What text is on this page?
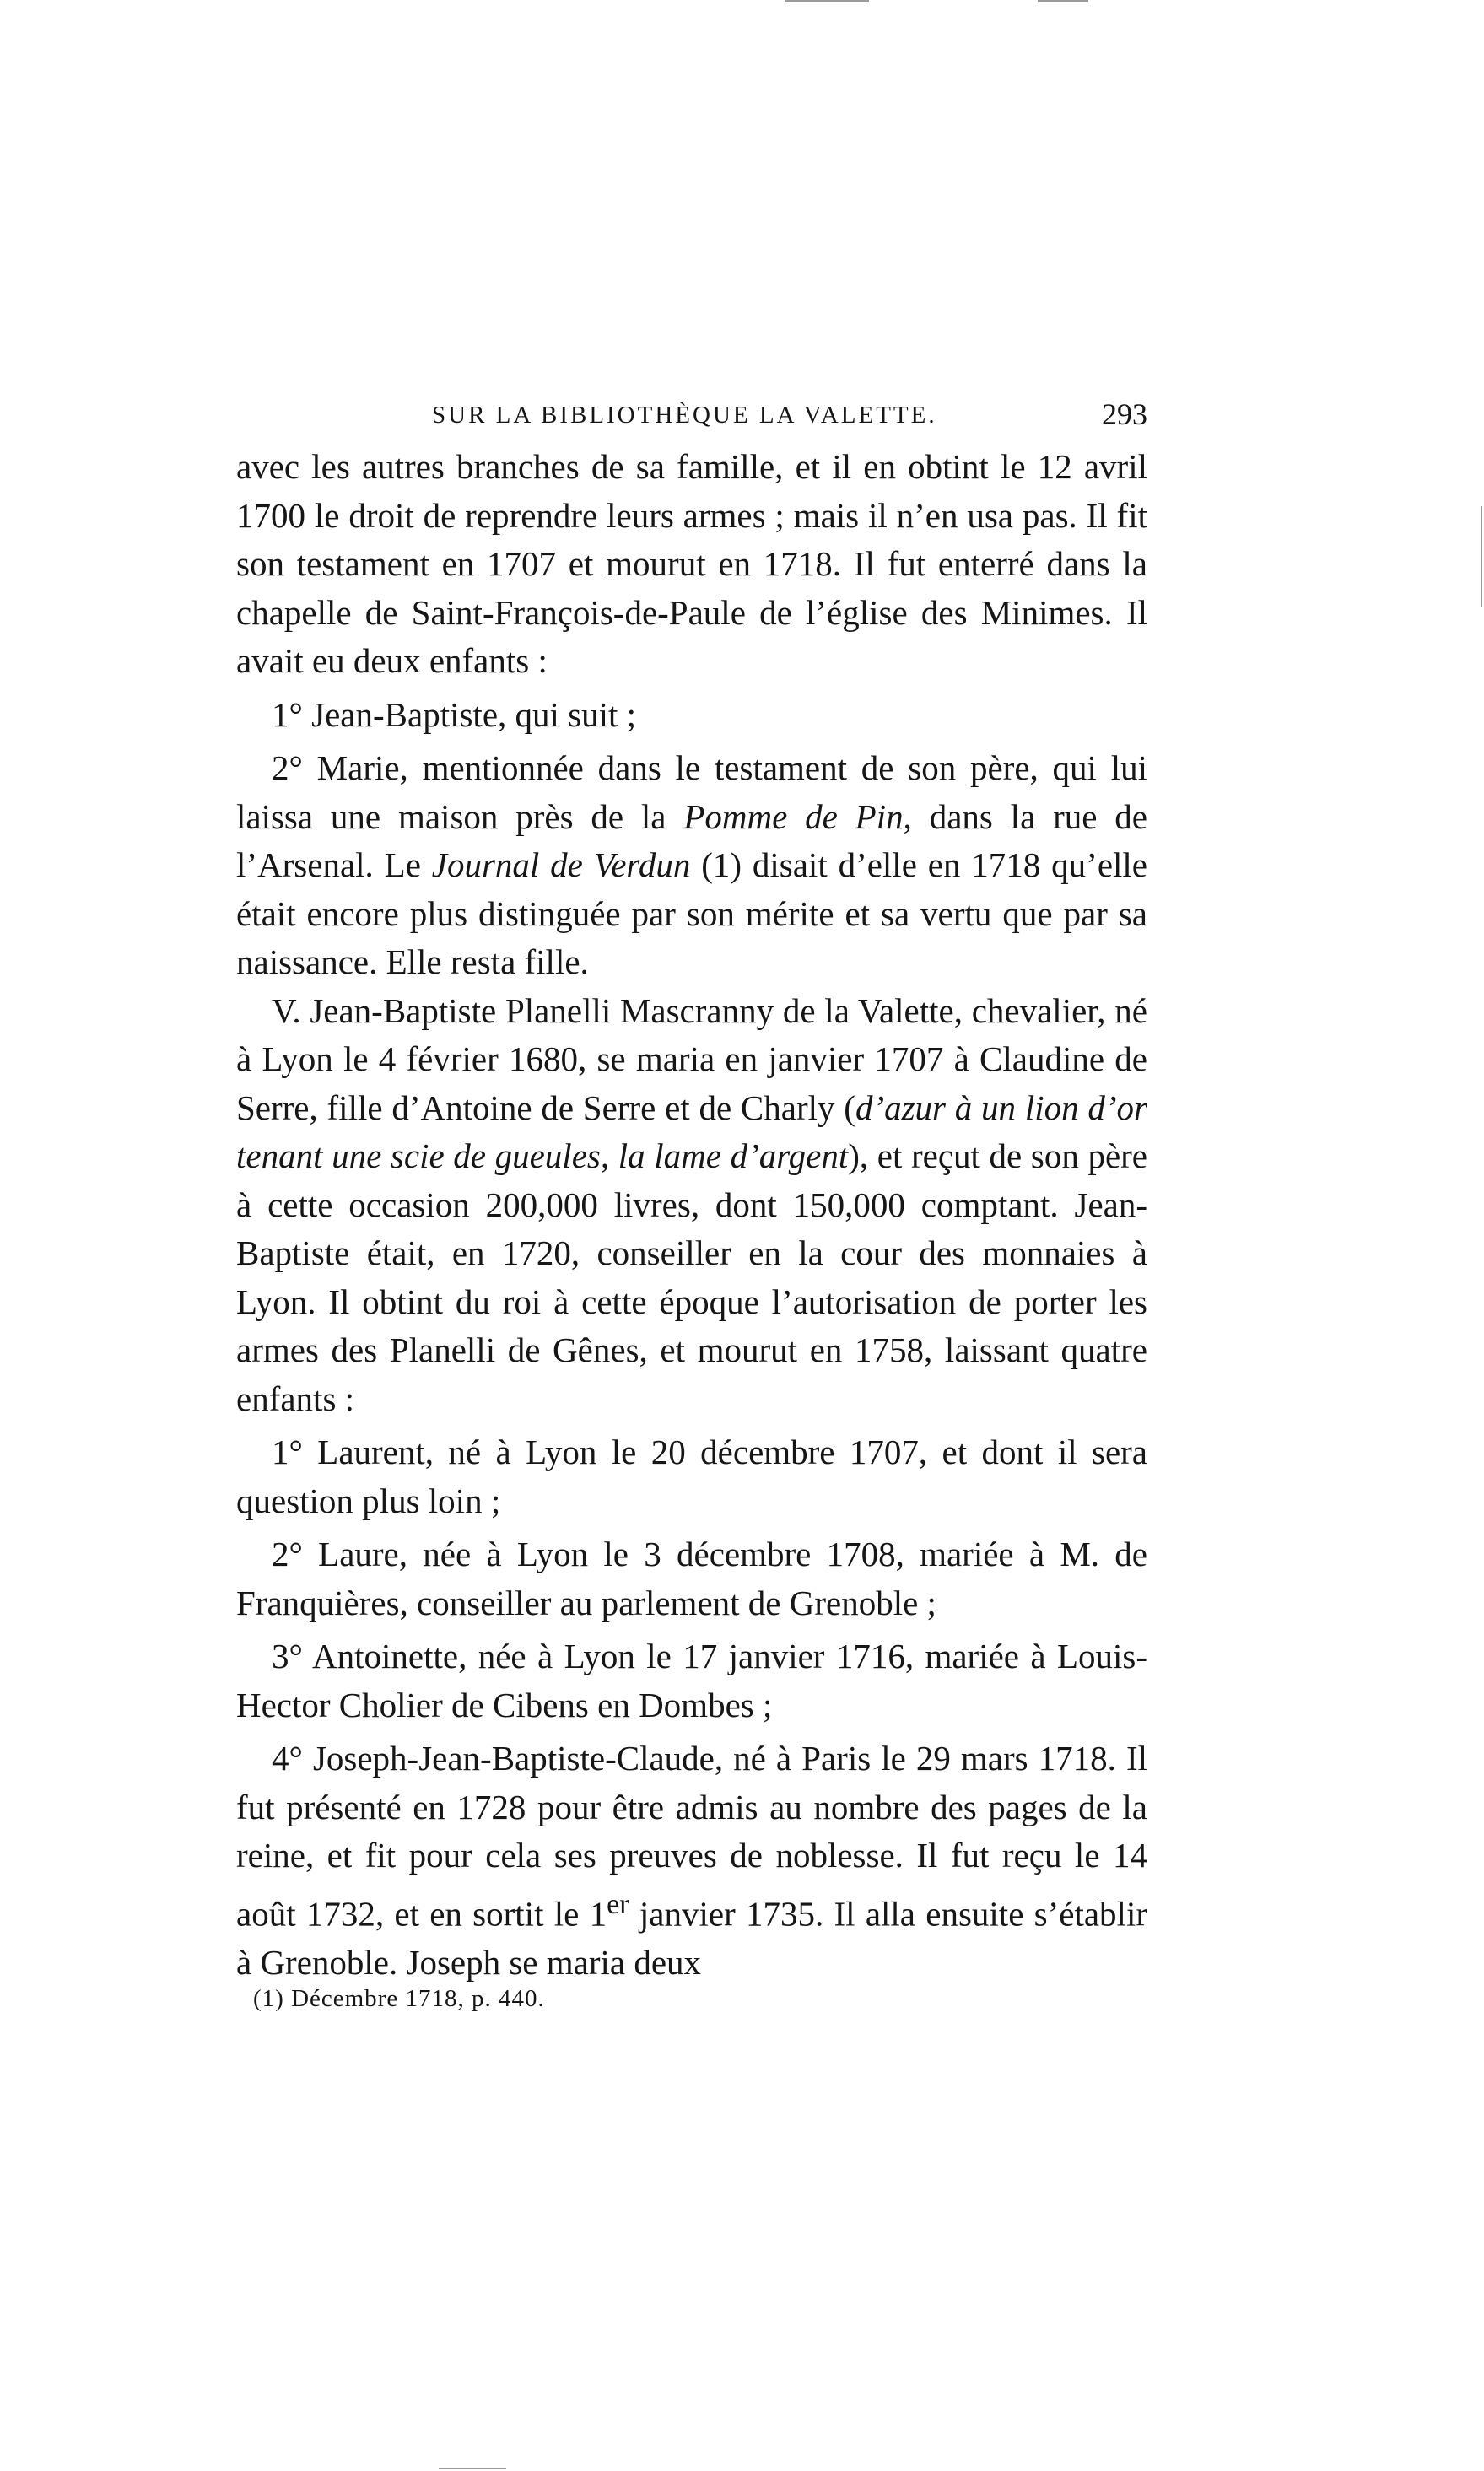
SUR LA BIBLIOTHÈQUE LA VALETTE.	293

avec les autres branches de sa famille, et il en obtint le 12 avril 1700 le droit de reprendre leurs armes ; mais il n’en usa pas. Il fit son testament en 1707 et mourut en 1718. Il fut enterré dans la chapelle de Saint-François-de-Paule de l’église des Minimes. Il avait eu deux enfants :

1° Jean-Baptiste, qui suit ;

2° Marie, mentionnée dans le testament de son père, qui lui laissa une maison près de la Pomme de Pin, dans la rue de l’Arsenal. Le Journal de Verdun (1) disait d’elle en 1718 qu’elle était encore plus distinguée par son mérite et sa vertu que par sa naissance. Elle resta fille.

V. Jean-Baptiste Planelli Mascranny de la Valette, chevalier, né à Lyon le 4 février 1680, se maria en janvier 1707 à Claudine de Serre, fille d’Antoine de Serre et de Charly (d’azur à un lion d’or tenant une scie de gueules, la lame d’argent), et reçut de son père à cette occasion 200,000 livres, dont 150,000 comptant. Jean-Baptiste était, en 1720, conseiller en la cour des monnaies à Lyon. Il obtint du roi à cette époque l’autorisation de porter les armes des Planelli de Gênes, et mourut en 1758, laissant quatre enfants :

1° Laurent, né à Lyon le 20 décembre 1707, et dont il sera question plus loin ;

2° Laure, née à Lyon le 3 décembre 1708, mariée à M. de Franquières, conseiller au parlement de Grenoble ;

3° Antoinette, née à Lyon le 17 janvier 1716, mariée à Louis-Hector Cholier de Cibens en Dombes ;

4° Joseph-Jean-Baptiste-Claude, né à Paris le 29 mars 1718. Il fut présenté en 1728 pour être admis au nombre des pages de la reine, et fit pour cela ses preuves de noblesse. Il fut reçu le 14 août 1732, et en sortit le 1er janvier 1735. Il alla ensuite s’établir à Grenoble. Joseph se maria deux

(1) Décembre 1718, p. 440.
